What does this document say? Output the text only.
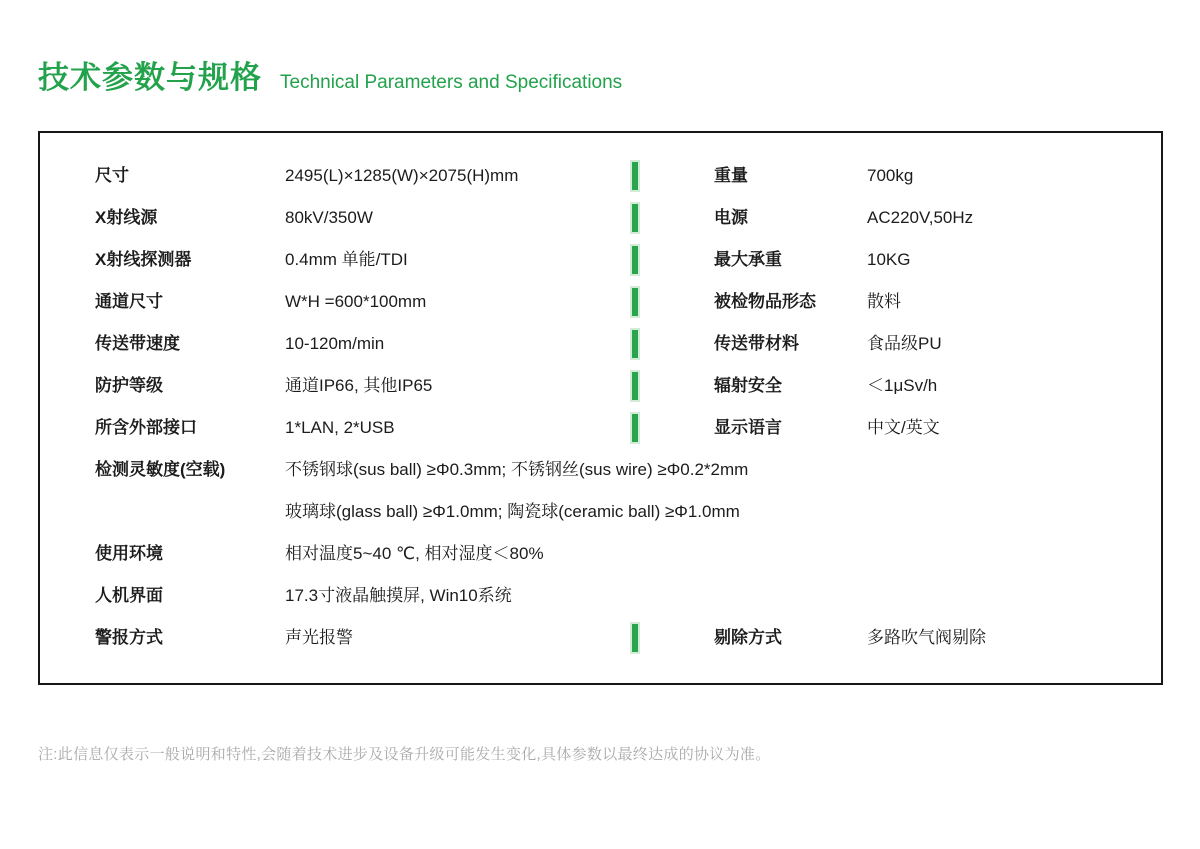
技术参数与规格 Technical Parameters and Specifications
尺寸	2495(L)×1285(W)×2075(H)mm	重量	700kg
X射线源	80kV/350W	电源	AC220V,50Hz
X射线探测器	0.4mm 单能/TDI	最大承重	10KG
通道尺寸	W*H =600*100mm	被检物品形态	散料
传送带速度	10-120m/min	传送带材料	食品级PU
防护等级	通道IP66, 其他IP65	辐射安全	＜1μSv/h
所含外部接口	1*LAN, 2*USB	显示语言	中文/英文
检测灵敏度(空载)	不锈钢球(sus ball) ≥Φ0.3mm; 不锈钢丝(sus wire) ≥Φ0.2*2mm
玻璃球(glass ball) ≥Φ1.0mm; 陶瓷球(ceramic ball) ≥Φ1.0mm
使用环境	相对温度5~40 ℃, 相对湿度＜80%
人机界面	17.3寸液晶触摸屏, Win10系统
警报方式	声光报警	剔除方式	多路吹气阀剔除

注:此信息仅表示一般说明和特性,会随着技术进步及设备升级可能发生变化,具体参数以最终达成的协议为准。
